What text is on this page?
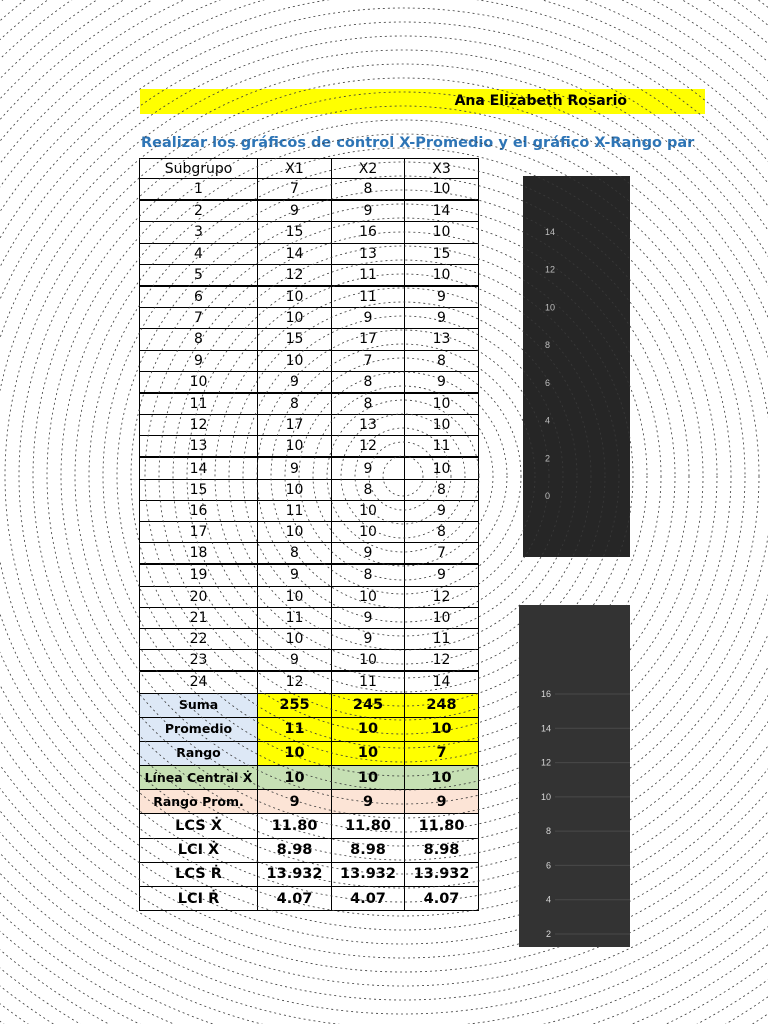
Ana Elizabeth Rosario
Realizar los gráficos de control X-Promedio y el gráfico X-Rango par
Subgrupo	X1	X2	X3
1	7	8	10
2	9	9	14
3	15	16	10
4	14	13	15
5	12	11	10
6	10	11	9
7	10	9	9
8	15	17	13
9	10	7	8
10	9	8	9
11	8	8	10
12	17	13	10
13	10	12	11
14	9	9	10
15	10	8	8
16	11	10	9
17	10	10	8
18	8	9	7
19	9	8	9
20	10	10	12
21	11	9	10
22	10	9	11
23	9	10	12
24	12	11	14
Suma	255	245	248
Promedio	11	10	10
Rango	10	10	7
Línea Central Ẋ	10	10	10
Rango Prom.	9	9	9
LCS Ẋ	11.80	11.80	11.80
LCI Ẋ	8.98	8.98	8.98
LCS Ṙ	13.932	13.932	13.932
LCI Ṙ	4.07	4.07	4.07
14
12
10
8
6
4
2
0
16
14
12
10
8
6
4
2
